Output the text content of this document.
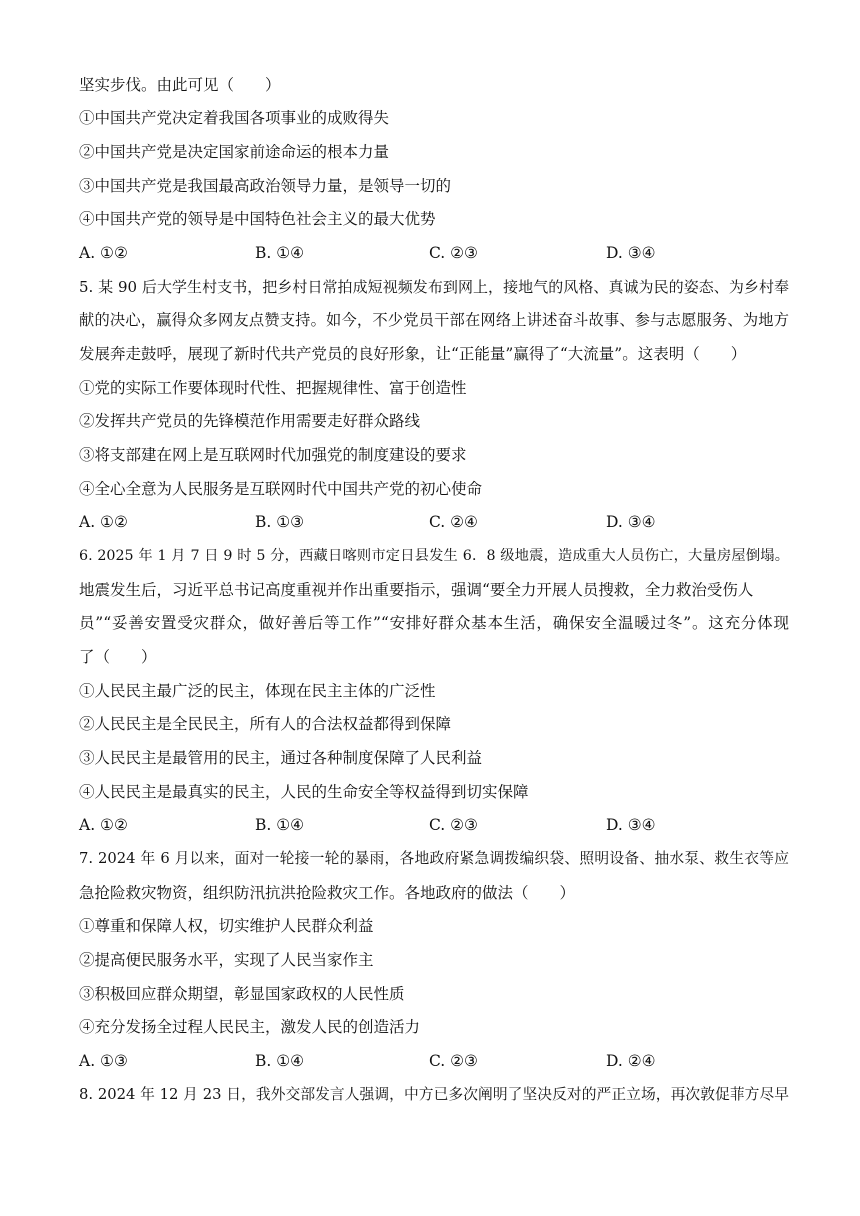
坚实步伐。由此可见（　　）
①中国共产党决定着我国各项事业的成败得失
②中国共产党是决定国家前途命运的根本力量
③中国共产党是我国最高政治领导力量，是领导一切的
④中国共产党的领导是中国特色社会主义的最大优势
A. ①②	B. ①④	C. ②③	D. ③④
5. 某 90 后大学生村支书，把乡村日常拍成短视频发布到网上，接地气的风格、真诚为民的姿态、为乡村奉
献的决心，赢得众多网友点赞支持。如今，不少党员干部在网络上讲述奋斗故事、参与志愿服务、为地方
发展奔走鼓呼，展现了新时代共产党员的良好形象，让“正能量”赢得了“大流量”。这表明（　　）
①党的实际工作要体现时代性、把握规律性、富于创造性
②发挥共产党员的先锋模范作用需要走好群众路线
③将支部建在网上是互联网时代加强党的制度建设的要求
④全心全意为人民服务是互联网时代中国共产党的初心使命
A. ①②	B. ①③	C. ②④	D. ③④
6. 2025 年 1 月 7 日 9 时 5 分，西藏日喀则市定日县发生 6．8 级地震，造成重大人员伤亡，大量房屋倒塌。
地震发生后，习近平总书记高度重视并作出重要指示，强调“要全力开展人员搜救，全力救治受伤人
员”“妥善安置受灾群众，做好善后等工作”“安排好群众基本生活，确保安全温暖过冬”。这充分体现
了（　　）
①人民民主最广泛的民主，体现在民主主体的广泛性
②人民民主是全民民主，所有人的合法权益都得到保障
③人民民主是最管用的民主，通过各种制度保障了人民利益
④人民民主是最真实的民主，人民的生命安全等权益得到切实保障
A. ①②	B. ①④	C. ②③	D. ③④
7. 2024 年 6 月以来，面对一轮接一轮的暴雨，各地政府紧急调拨编织袋、照明设备、抽水泵、救生衣等应
急抢险救灾物资，组织防汛抗洪抢险救灾工作。各地政府的做法（　　）
①尊重和保障人权，切实维护人民群众利益
②提高便民服务水平，实现了人民当家作主
③积极回应群众期望，彰显国家政权的人民性质
④充分发扬全过程人民民主，激发人民的创造活力
A. ①③	B. ①④	C. ②③	D. ②④
8. 2024 年 12 月 23 日，我外交部发言人强调，中方已多次阐明了坚决反对的严正立场，再次敦促菲方尽早
